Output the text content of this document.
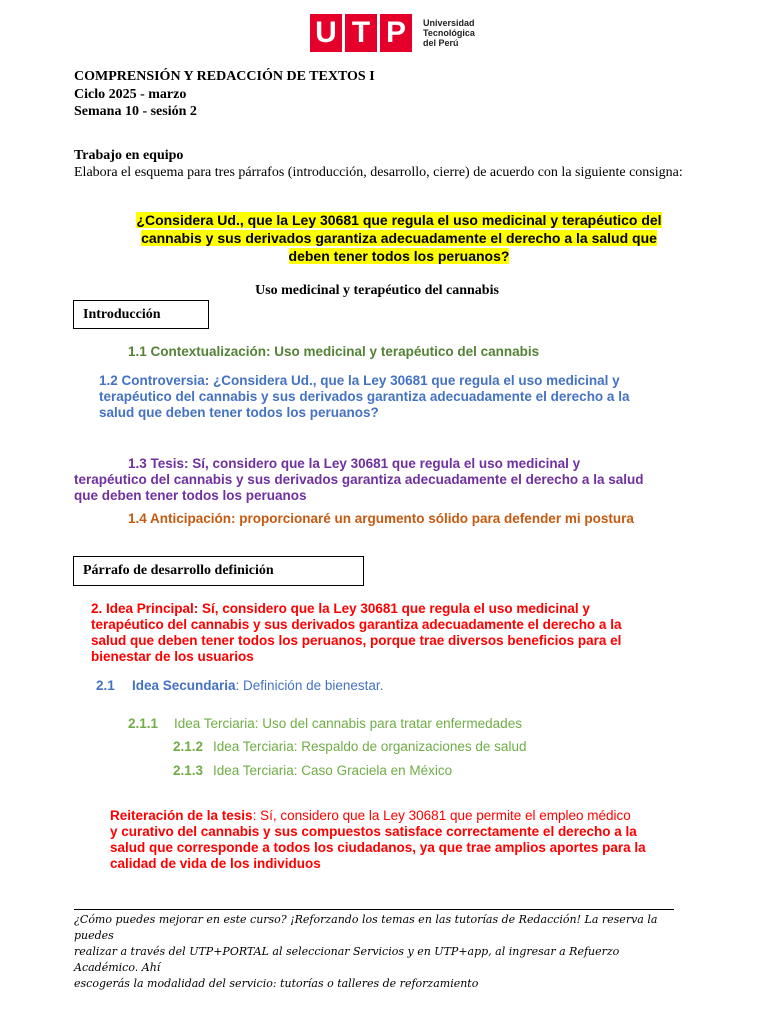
U T P	Universidad
Tecnológica
del Perú
COMPRENSIÓN Y REDACCIÓN DE TEXTOS I
Ciclo 2025 - marzo
Semana 10 - sesión 2
Trabajo en equipo
Elabora el esquema para tres párrafos (introducción, desarrollo, cierre) de acuerdo con la siguiente consigna:
¿Considera Ud., que la Ley 30681 que regula el uso medicinal y terapéutico del
cannabis y sus derivados garantiza adecuadamente el derecho a la salud que
deben tener todos los peruanos?
Uso medicinal y terapéutico del cannabis
Introducción
1.1 Contextualización: Uso medicinal y terapéutico del cannabis
1.2 Controversia: ¿Considera Ud., que la Ley 30681 que regula el uso medicinal y
terapéutico del cannabis y sus derivados garantiza adecuadamente el derecho a la
salud que deben tener todos los peruanos?
1.3 Tesis: Sí, considero que la Ley 30681 que regula el uso medicinal y
terapéutico del cannabis y sus derivados garantiza adecuadamente el derecho a la salud
que deben tener todos los peruanos
1.4 Anticipación: proporcionaré un argumento sólido para defender mi postura
Párrafo de desarrollo definición
2. Idea Principal: Sí, considero que la Ley 30681 que regula el uso medicinal y
terapéutico del cannabis y sus derivados garantiza adecuadamente el derecho a la
salud que deben tener todos los peruanos, porque trae diversos beneficios para el
bienestar de los usuarios
2.1 Idea Secundaria: Definición de bienestar.
2.1.1 Idea Terciaria: Uso del cannabis para tratar enfermedades
2.1.2 Idea Terciaria: Respaldo de organizaciones de salud
2.1.3 Idea Terciaria: Caso Graciela en México
Reiteración de la tesis: Sí, considero que la Ley 30681 que permite el empleo médico
y curativo del cannabis y sus compuestos satisface correctamente el derecho a la
salud que corresponde a todos los ciudadanos, ya que trae amplios aportes para la
calidad de vida de los individuos
¿Cómo puedes mejorar en este curso? ¡Reforzando los temas en las tutorías de Redacción! La reserva la puedes
realizar a través del UTP+PORTAL al seleccionar Servicios y en UTP+app, al ingresar a Refuerzo Académico. Ahí
escogerás la modalidad del servicio: tutorías o talleres de reforzamiento
